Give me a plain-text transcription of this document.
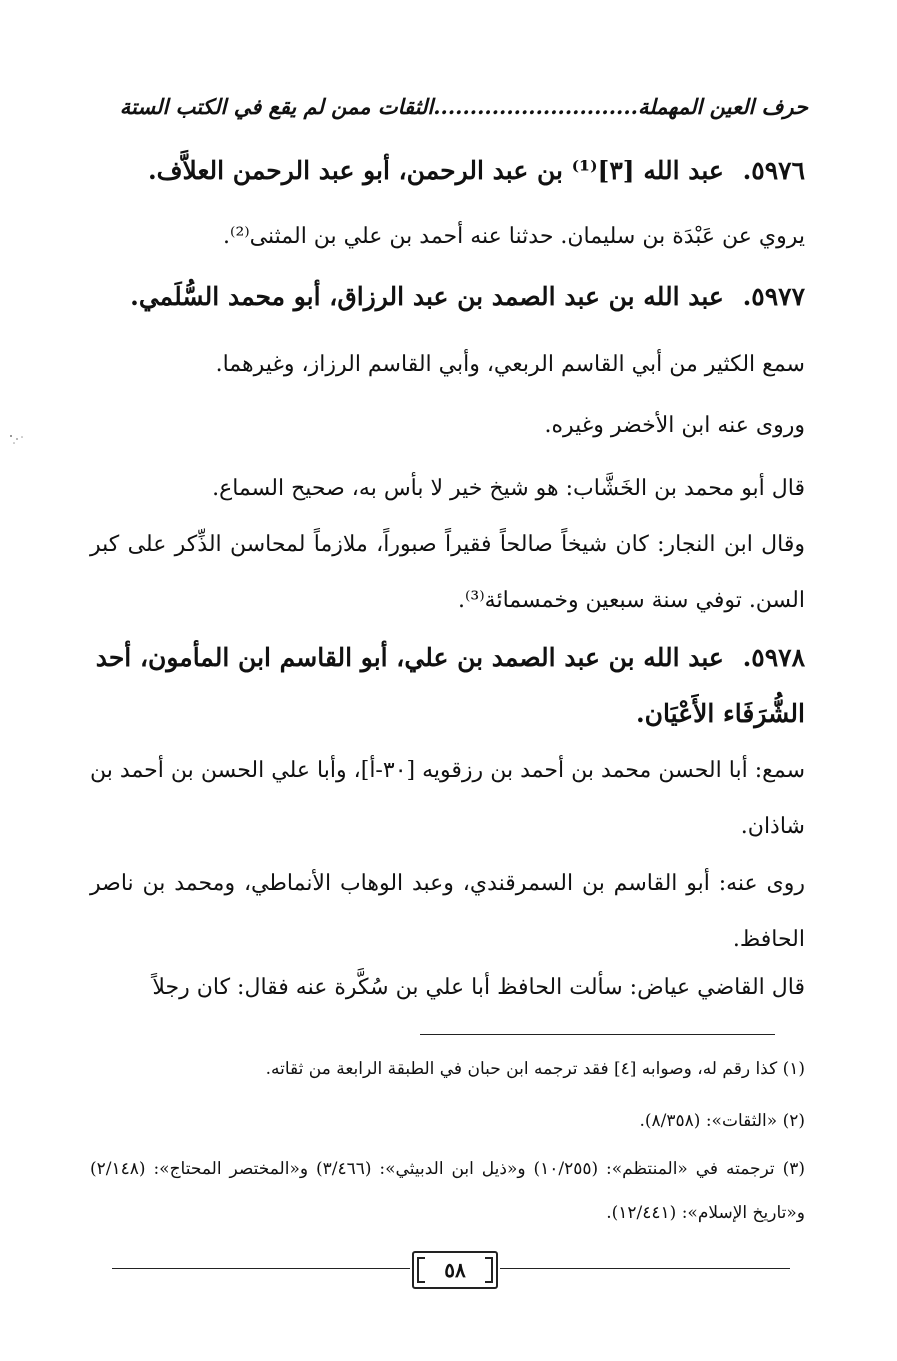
حرف العين المهملة............................الثقات ممن لم يقع في الكتب الستة
٥٩٧٦. عبد الله [٣]⁽¹⁾ بن عبد الرحمن، أبو عبد الرحمن العلاَّف.
يروي عن عَبْدَة بن سليمان. حدثنا عنه أحمد بن علي بن المثنى⁽²⁾.
٥٩٧٧. عبد الله بن عبد الصمد بن عبد الرزاق، أبو محمد السُّلَمي.
سمع الكثير من أبي القاسم الربعي، وأبي القاسم الرزاز، وغيرهما.
وروى عنه ابن الأخضر وغيره.
قال أبو محمد بن الخَشَّاب: هو شيخ خير لا بأس به، صحيح السماع.
وقال ابن النجار: كان شيخاً صالحاً فقيراً صبوراً، ملازماً لمحاسن الذِّكر على كبر السن. توفي سنة سبعين وخمسمائة⁽³⁾.
٥٩٧٨. عبد الله بن عبد الصمد بن علي، أبو القاسم ابن المأمون، أحد الشُّرَفَاء الأَعْيَان.
سمع: أبا الحسن محمد بن أحمد بن رزقويه [٣٠-أ]، وأبا علي الحسن بن أحمد بن شاذان.
روى عنه: أبو القاسم بن السمرقندي، وعبد الوهاب الأنماطي، ومحمد بن ناصر الحافظ.
قال القاضي عياض: سألت الحافظ أبا علي بن سُكَّرة عنه فقال: كان رجلاً
(١) كذا رقم له، وصوابه [٤] فقد ترجمه ابن حبان في الطبقة الرابعة من ثقاته.
(٢) «الثقات»: (٨/٣٥٨).
(٣) ترجمته في «المنتظم»: (١٠/٢٥٥) و«ذيل ابن الدبيثي»: (٣/٤٦٦) و«المختصر المحتاج»: (٢/١٤٨) و«تاريخ الإسلام»: (١٢/٤٤١).
٥٨
